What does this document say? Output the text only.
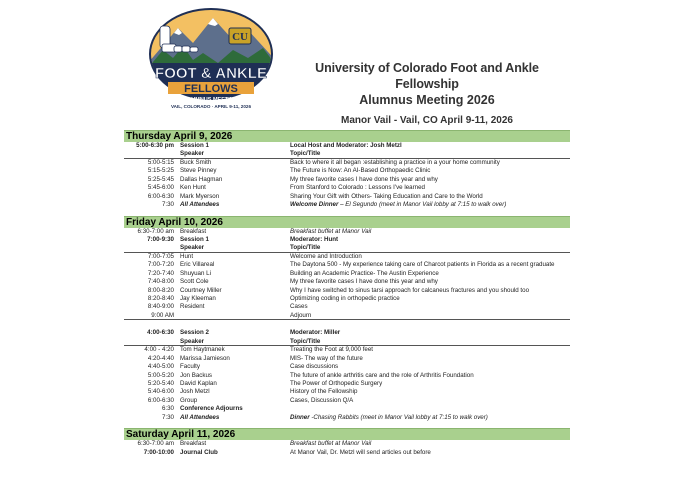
CU
FOOT & ANKLE
FELLOWS
ALUMNUS MEETING
VAIL, COLORADO · APRIL 9-11, 2026
University of Colorado Foot and Ankle Fellowship
Alumnus Meeting 2026
Manor Vail - Vail, CO April 9-11, 2026
Thursday April 9, 2026
5:00-6:30 pm Session 1	Local Host and Moderator: Josh Metzl
Speaker	Topic/Title
5:00-5:15 Buck Smith	Back to where it all began :establishing a practice in a your home community
5:15-5:25 Steve Pinney	The Future is Now: An AI-Based Orthopaedic Clinic
5:25-5:45 Dallas Hagman	My three favorite cases I have done this year and why
5:45-6:00 Ken Hunt	From Stanford to Colorado : Lessons I've learned
6:00-6:30 Mark Myerson	Sharing Your Gift with Others- Taking Education and Care to the World
7:30 All Attendees	Welcome Dinner – El Segundo (meet in Manor Vail lobby at 7:15 to walk over)
Friday April 10, 2026
6:30-7:00 am Breakfast	Breakfast buffet at Manor Vail
7:00-9:30 Session 1	Moderator: Hunt
Speaker	Topic/Title
7:00-7:05 Hunt	Welcome and Introduction
7:00-7:20 Eric Villareal	The Daytona 500 - My experience taking care of Charcot patients in Florida as a recent graduate
7:20-7:40 Shuyuan Li	Building an Academic Practice- The Austin Experience
7:40-8:00 Scott Cole	My three favorite cases I have done this year and why
8:00-8:20 Courtney Miller	Why I have switched to sinus tarsi approach for calcaneus fractures and you should too
8:20-8:40 Jay Kleeman	Optimizing coding in orthopedic practice
8:40-9:00 Resident	Cases
9:00 AM	Adjourn
4:00-6:30 Session 2	Moderator: Miller
Speaker	Topic/Title
4:00 - 4:20 Tom Haytmanek	Treating the Foot at 9,000 feet
4:20-4:40 Marissa Jamieson	MIS- The way of the future
4:40-5:00 Faculty	Case discussions
5:00-5:20 Jon Backus	The future of ankle arthritis care and the role of Arthritis Foundation
5:20-5:40 David Kaplan	The Power of Orthopedic Surgery
5:40-6:00 Josh Metzl	History of the Fellowship
6:00-6:30 Group	Cases, Discussion Q/A
6:30 Conference Adjourns
7:30 All Attendees	Dinner -Chasing Rabbits (meet in Manor Vail lobby at 7:15 to walk over)
Saturday April 11, 2026
6:30-7:00 am Breakfast	Breakfast buffet at Manor Vail
7:00-10:00 Journal Club	At Manor Vail, Dr. Metzl will send articles out before
